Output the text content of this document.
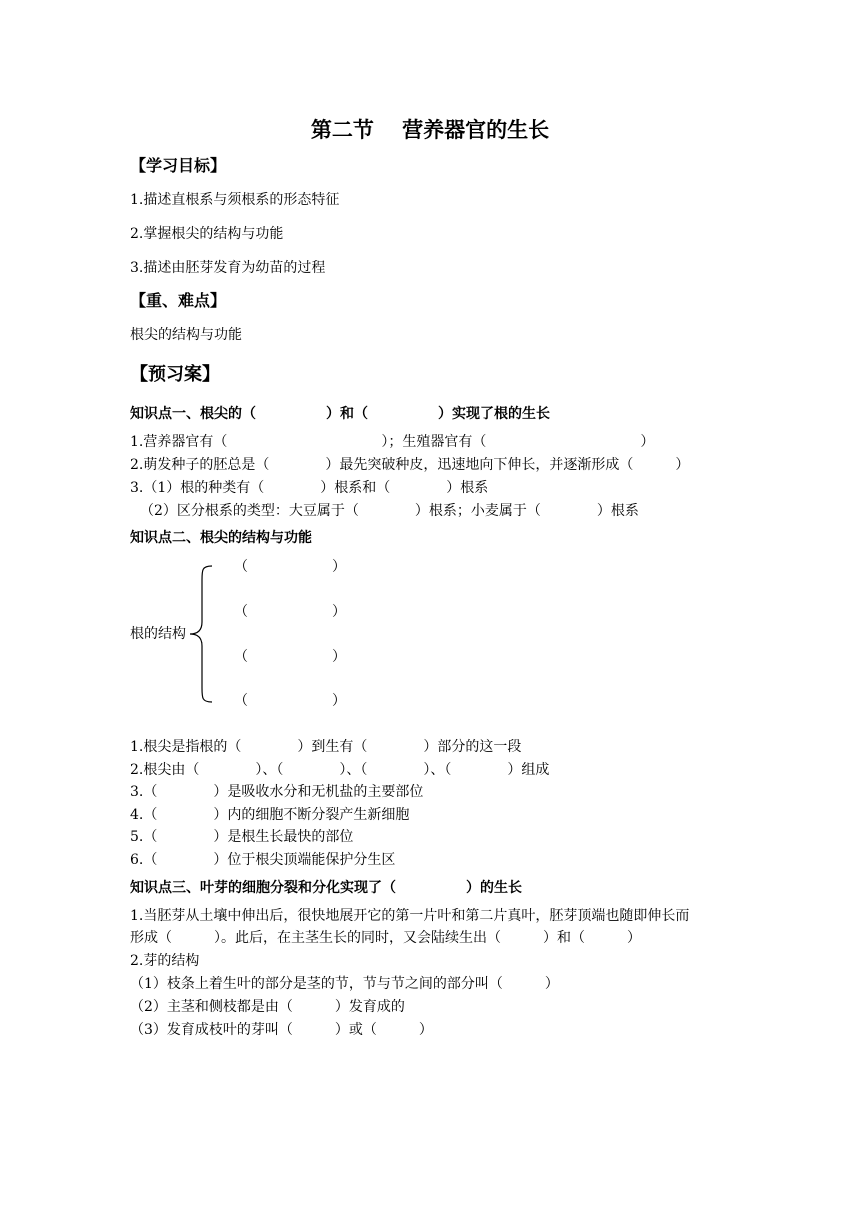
第二节　 营养器官的生长
【学习目标】
1.描述直根系与须根系的形态特征
2.掌握根尖的结构与功能
3.描述由胚芽发育为幼苗的过程
【重、难点】
根尖的结构与功能
【预习案】
知识点一、根尖的（　　　　　）和（　　　　　）实现了根的生长
1.营养器官有（　　　　　　　　　　　）；生殖器官有（　　　　　　　　　　　）
2.萌发种子的胚总是（　　　　）最先突破种皮，迅速地向下伸长，并逐渐形成（　　　）
3.（1）根的种类有（　　　　）根系和（　　　　）根系
（2）区分根系的类型：大豆属于（　　　　）根系；小麦属于（　　　　）根系
知识点二、根尖的结构与功能
根的结构
（　　　　　　）
（　　　　　　）
（　　　　　　）
（　　　　　　）
1.根尖是指根的（　　　　）到生有（　　　　）部分的这一段
2.根尖由（　　　　）、（　　　　）、（　　　　）、（　　　　）组成
3.（　　　　）是吸收水分和无机盐的主要部位
4.（　　　　）内的细胞不断分裂产生新细胞
5.（　　　　）是根生长最快的部位
6.（　　　　）位于根尖顶端能保护分生区
知识点三、叶芽的细胞分裂和分化实现了（　　　　　）的生长
1.当胚芽从土壤中伸出后，很快地展开它的第一片叶和第二片真叶，胚芽顶端也随即伸长而
形成（　　　）。此后，在主茎生长的同时，又会陆续生出（　　　）和（　　　）
2.芽的结构
（1）枝条上着生叶的部分是茎的节，节与节之间的部分叫（　　　）
（2）主茎和侧枝都是由（　　　）发育成的
（3）发育成枝叶的芽叫（　　　）或（　　　）
